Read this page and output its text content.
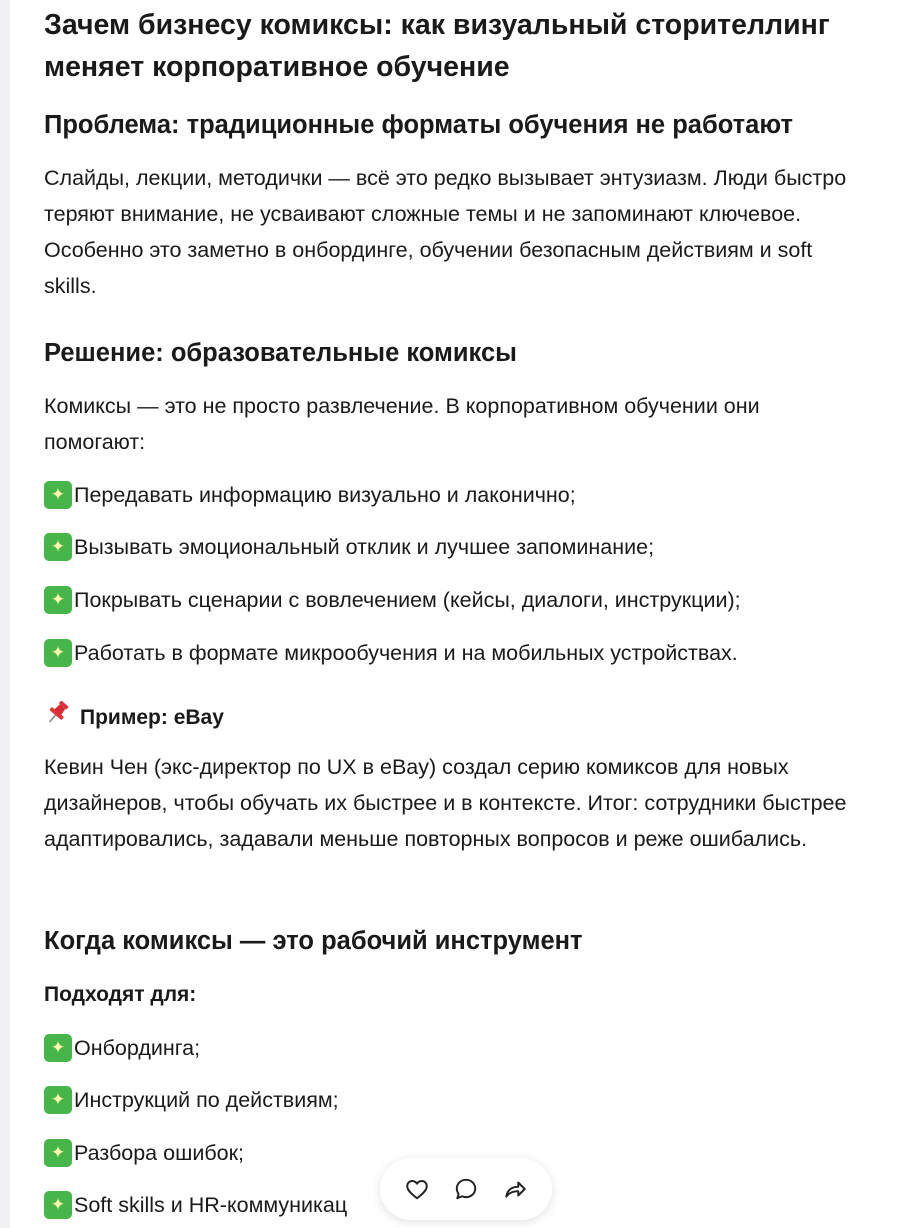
Зачем бизнесу комиксы: как визуальный сторителлинг меняет корпоративное обучение
Проблема: традиционные форматы обучения не работают

Слайды, лекции, методички — всё это редко вызывает энтузиазм. Люди быстро теряют внимание, не усваивают сложные темы и не запоминают ключевое. Особенно это заметно в онбординге, обучении безопасным действиям и soft skills.

Решение: образовательные комиксы

Комиксы — это не просто развлечение. В корпоративном обучении они помогают:

✦ Передавать информацию визуально и лаконично;
✦ Вызывать эмоциональный отклик и лучшее запоминание;
✦ Покрывать сценарии с вовлечением (кейсы, диалоги, инструкции);
✦ Работать в формате микрообучения и на мобильных устройствах.
Пример: eBay

Кевин Чен (экс-директор по UX в eBay) создал серию комиксов для новых дизайнеров, чтобы обучать их быстрее и в контексте. Итог: сотрудники быстрее адаптировались, задавали меньше повторных вопросов и реже ошибались.

Когда комиксы — это рабочий инструмент
Подходят для:
✦ Онбординга;
✦ Инструкций по действиям;
✦ Разбора ошибок;
✦ Soft skills и HR-коммуникац
